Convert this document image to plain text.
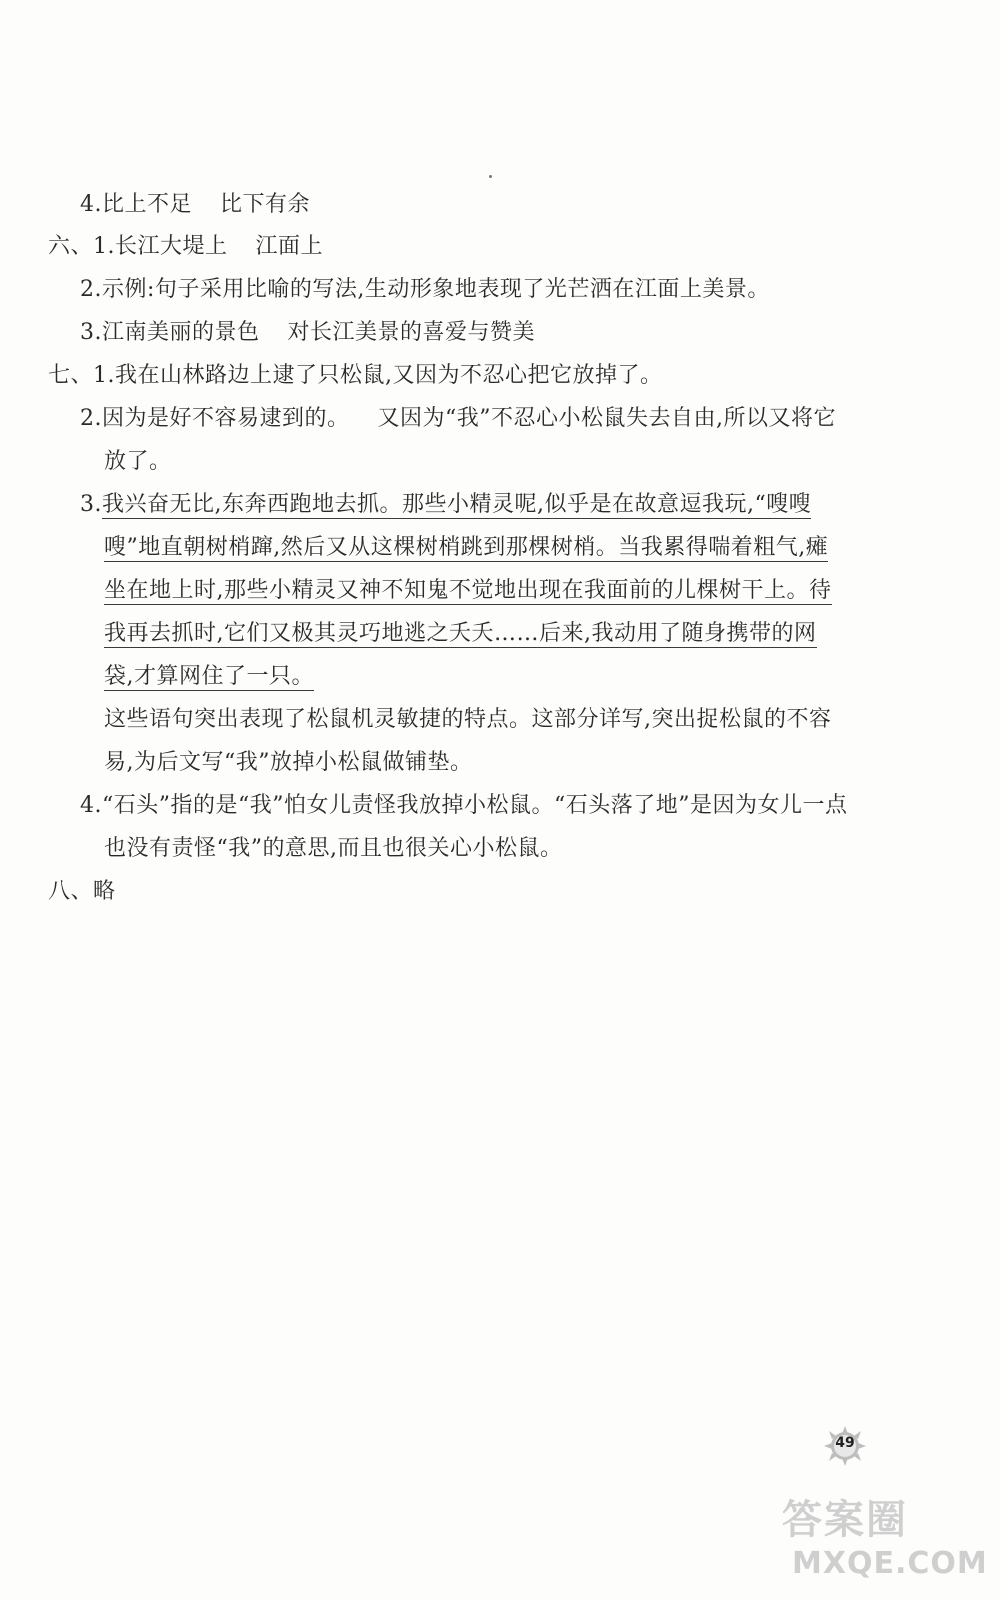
4.比上不足 比下有余
六、1.长江大堤上 江面上
2.示例:句子采用比喻的写法,生动形象地表现了光芒洒在江面上美景。
3.江南美丽的景色 对长江美景的喜爱与赞美
七、1.我在山林路边上逮了只松鼠,又因为不忍心把它放掉了。
2.因为是好不容易逮到的。 又因为“我”不忍心小松鼠失去自由,所以又将它
放了。
3.我兴奋无比,东奔西跑地去抓。那些小精灵呢,似乎是在故意逗我玩,“嗖嗖
嗖”地直朝树梢蹿,然后又从这棵树梢跳到那棵树梢。当我累得喘着粗气,瘫
坐在地上时,那些小精灵又神不知鬼不觉地出现在我面前的儿棵树干上。待
我再去抓时,它们又极其灵巧地逃之夭夭……后来,我动用了随身携带的网
袋,才算网住了一只。
这些语句突出表现了松鼠机灵敏捷的特点。这部分详写,突出捉松鼠的不容
易,为后文写“我”放掉小松鼠做铺垫。
4.“石头”指的是“我”怕女儿责怪我放掉小松鼠。“石头落了地”是因为女儿一点
也没有责怪“我”的意思,而且也很关心小松鼠。
八、略
49
答案圈
MXQE.COM
